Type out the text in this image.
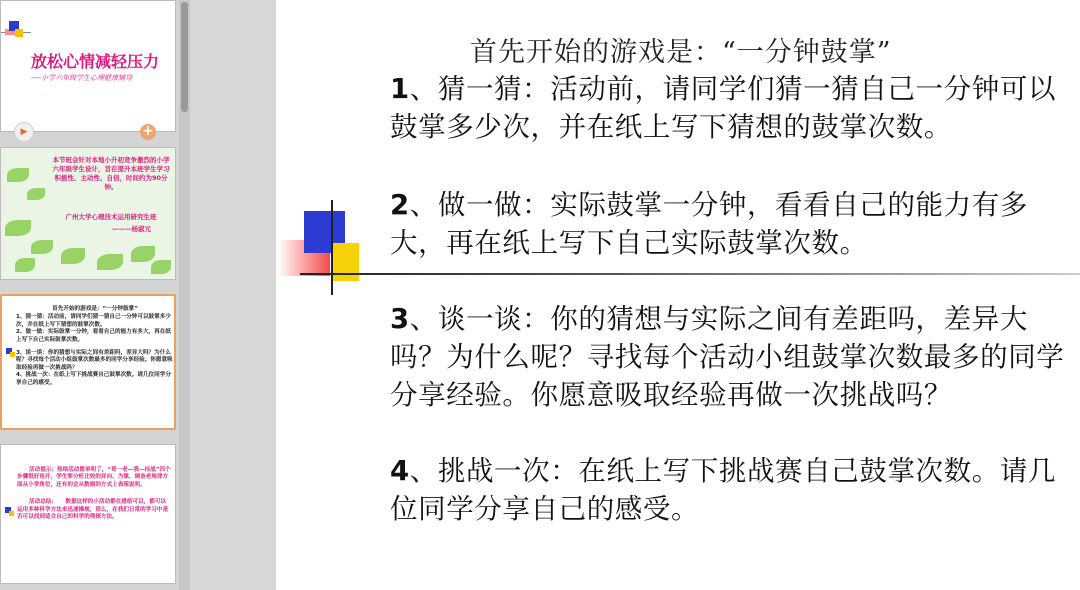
放松心情减轻压力
----小学六年级学生心理健康辅导
▶	+
本节班会针对本地小升初竞争激烈的小学六年级学生设计，旨在提升本班学生学习积极性、主动性、自信，时间约为90分钟。
广州大学心理技术运用研究生班
———杨淑元
首先开始的游戏是：“一分钟鼓掌”
1、猜一猜：活动前，请同学们猜一猜自己一分钟可以鼓掌多少次，并在纸上写下猜想的鼓掌次数。
2、做一做：实际鼓掌一分钟，看看自己的能力有多大，再在纸上写下自己实际鼓掌次数。
3、谈一谈：你的猜想与实际之间有差距吗，差异大吗？为什么呢？寻找每个活动小组鼓掌次数最多的同学分享经验。你愿意吸取经验再做一次挑战吗？
4、挑战一次：在纸上写下挑战赛自己鼓掌次数。请几位同学分享自己的感受。

活动提示：热络活动简单明了，“哥一老—我—挂战”四个步骤很好连开，学生要分析比较的异向、为课、调查老规律方面从小学角位，还有的会从数据的方式上表现说明。

活动总结：　　数据这样的小活动都在透给可以，都可以运用多种科学方法来迅速操规，那么，在我们日常的学习中是否可以找到适合自己的科学的理探方法。

首先开始的游戏是：“一分钟鼓掌”
1、猜一猜：活动前，请同学们猜一猜自己一分钟可以鼓掌多少次，并在纸上写下猜想的鼓掌次数。
2、做一做：实际鼓掌一分钟，看看自己的能力有多大，再在纸上写下自己实际鼓掌次数。
3、谈一谈：你的猜想与实际之间有差距吗，差异大吗？为什么呢？寻找每个活动小组鼓掌次数最多的同学分享经验。你愿意吸取经验再做一次挑战吗？
4、挑战一次：在纸上写下挑战赛自己鼓掌次数。请几位同学分享自己的感受。
